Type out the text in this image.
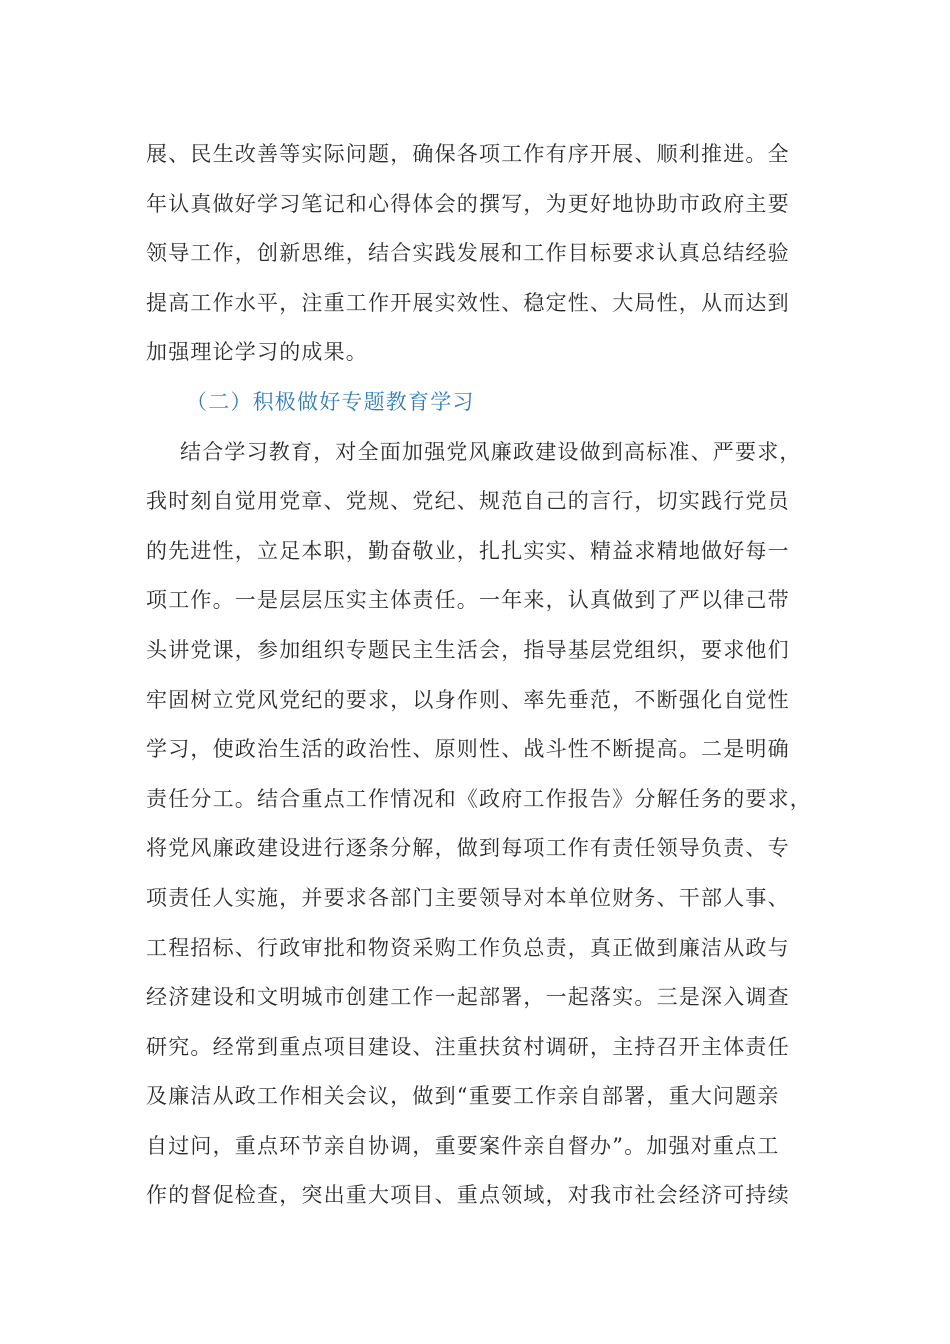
展、民生改善等实际问题，确保各项工作有序开展、顺利推进。全
年认真做好学习笔记和心得体会的撰写，为更好地协助市政府主要
领导工作，创新思维，结合实践发展和工作目标要求认真总结经验
提高工作水平，注重工作开展实效性、稳定性、大局性，从而达到
加强理论学习的成果。
（二）积极做好专题教育学习
结合学习教育，对全面加强党风廉政建设做到高标准、严要求，
我时刻自觉用党章、党规、党纪、规范自己的言行，切实践行党员
的先进性，立足本职，勤奋敬业，扎扎实实、精益求精地做好每一
项工作。一是层层压实主体责任。一年来，认真做到了严以律己带
头讲党课，参加组织专题民主生活会，指导基层党组织，要求他们
牢固树立党风党纪的要求，以身作则、率先垂范，不断强化自觉性
学习，使政治生活的政治性、原则性、战斗性不断提高。二是明确
责任分工。结合重点工作情况和《政府工作报告》分解任务的要求，
将党风廉政建设进行逐条分解，做到每项工作有责任领导负责、专
项责任人实施，并要求各部门主要领导对本单位财务、干部人事、
工程招标、行政审批和物资采购工作负总责，真正做到廉洁从政与
经济建设和文明城市创建工作一起部署，一起落实。三是深入调查
研究。经常到重点项目建设、注重扶贫村调研，主持召开主体责任
及廉洁从政工作相关会议，做到“重要工作亲自部署，重大问题亲
自过问，重点环节亲自协调，重要案件亲自督办”。加强对重点工
作的督促检查，突出重大项目、重点领域，对我市社会经济可持续
